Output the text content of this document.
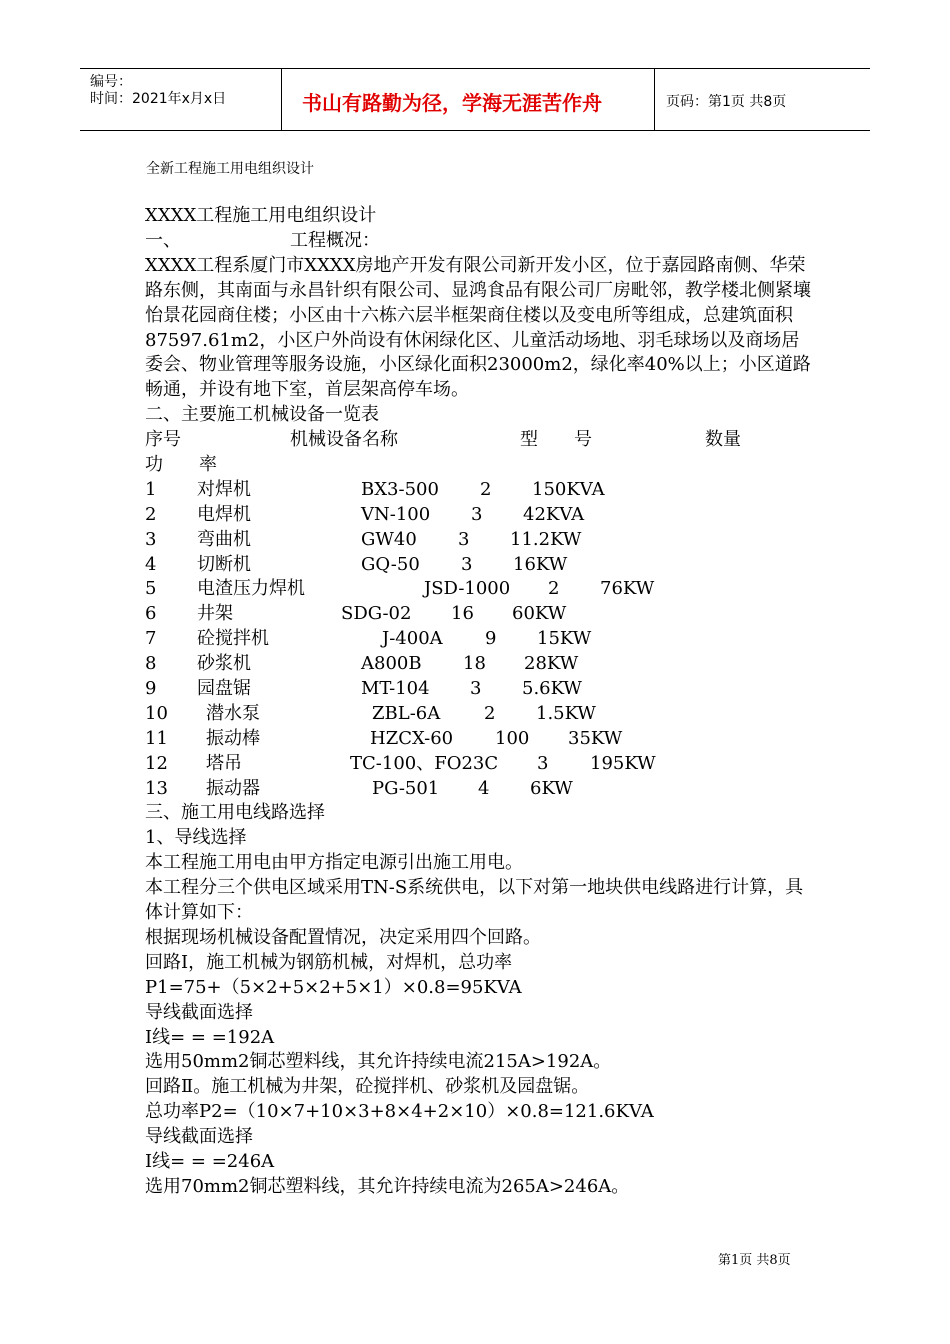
编号：
时间：2021年x月x日	书山有路勤为径，学海无涯苦作舟	页码：第1页 共8页
全新工程施工用电组织设计
XXXX工程施工用电组织设计
一、	工程概况：
XXXX工程系厦门市XXXX房地产开发有限公司新开发小区，位于嘉园路南侧、华荣路东侧，其南面与永昌针织有限公司、显鸿食品有限公司厂房毗邻，教学楼北侧紧壤怡景花园商住楼；小区由十六栋六层半框架商住楼以及变电所等组成，总建筑面积87597.61m2，小区户外尚设有休闲绿化区、儿童活动场地、羽毛球场以及商场居委会、物业管理等服务设施，小区绿化面积23000m2，绿化率40%以上；小区道路畅通，并设有地下室，首层架高停车场。
二、主要施工机械设备一览表
序号	机械设备名称	型　　号	数量
功　　率
1 对焊机	BX3-500 2 150KVA
2 电焊机	VN-100 3 42KVA
3 弯曲机	GW40 3 11.2KW
4 切断机	GQ-50 3 16KW
5 电渣压力焊机	JSD-1000 2 76KW
6 井架	SDG-02 16 60KW
7 砼搅拌机	J-400A 9 15KW
8 砂浆机	A800B 18 28KW
9 园盘锯	MT-104 3 5.6KW
10 潜水泵	ZBL-6A 2 1.5KW
11 振动棒	HZCX-60 100 35KW
12 塔吊	TC-100、FO23C 3 195KW
13 振动器	PG-501 4 6KW
三、施工用电线路选择
1、导线选择
本工程施工用电由甲方指定电源引出施工用电。
本工程分三个供电区域采用TN-S系统供电，以下对第一地块供电线路进行计算，具体计算如下：
根据现场机械设备配置情况，决定采用四个回路。
回路I，施工机械为钢筋机械，对焊机，总功率
P1=75+（5×2+5×2+5×1）×0.8=95KVA
导线截面选择
I线= = =192A
选用50mm2铜芯塑料线，其允许持续电流215A>192A。
回路Ⅱ。施工机械为井架，砼搅拌机、砂浆机及园盘锯。
总功率P2=（10×7+10×3+8×4+2×10）×0.8=121.6KVA
导线截面选择
I线= = =246A
选用70mm2铜芯塑料线，其允许持续电流为265A>246A。
第1页 共8页
